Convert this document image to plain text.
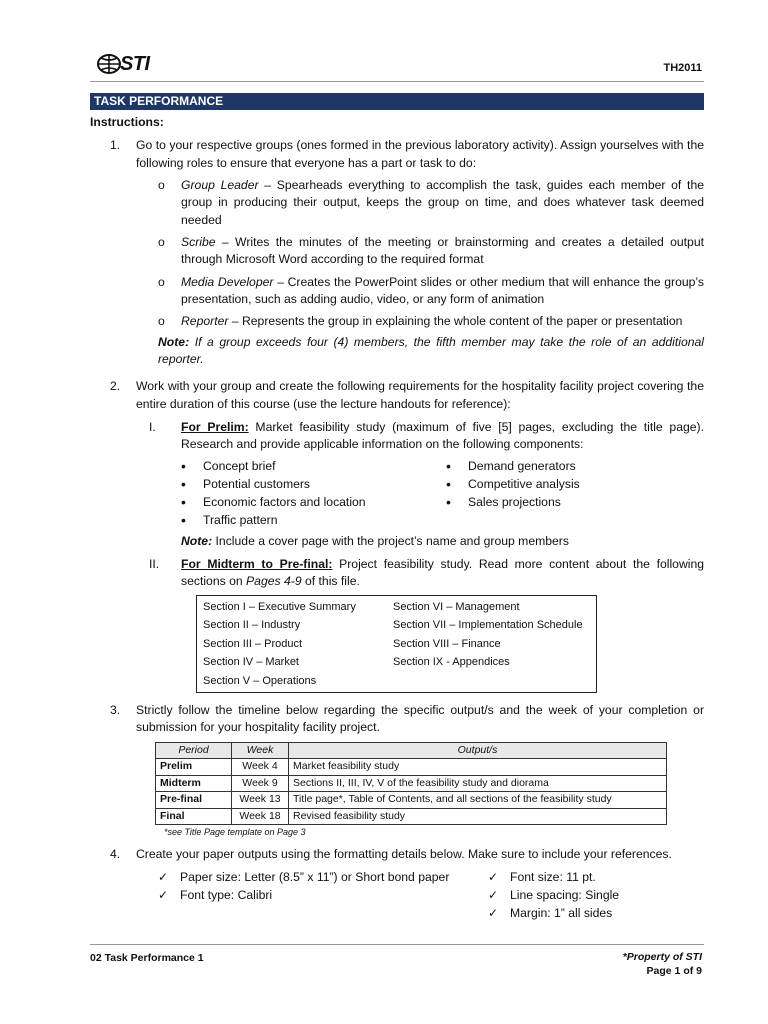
STI	TH2011
TASK PERFORMANCE
Instructions:
1. Go to your respective groups (ones formed in the previous laboratory activity). Assign yourselves with the following roles to ensure that everyone has a part or task to do:
o Group Leader – Spearheads everything to accomplish the task, guides each member of the group in producing their output, keeps the group on time, and does whatever task deemed needed
o Scribe – Writes the minutes of the meeting or brainstorming and creates a detailed output through Microsoft Word according to the required format
o Media Developer – Creates the PowerPoint slides or other medium that will enhance the group’s presentation, such as adding audio, video, or any form of animation
o Reporter – Represents the group in explaining the whole content of the paper or presentation
Note: If a group exceeds four (4) members, the fifth member may take the role of an additional reporter.
2. Work with your group and create the following requirements for the hospitality facility project covering the entire duration of this course (use the lecture handouts for reference):
I. For Prelim: Market feasibility study (maximum of five [5] pages, excluding the title page). Research and provide applicable information on the following components:
• Concept brief	• Demand generators
• Potential customers	• Competitive analysis
• Economic factors and location	• Sales projections
• Traffic pattern
Note: Include a cover page with the project’s name and group members
II. For Midterm to Pre-final: Project feasibility study. Read more content about the following sections on Pages 4-9 of this file.
Section I – Executive Summary	Section VI – Management
Section II – Industry	Section VII – Implementation Schedule
Section III – Product	Section VIII – Finance
Section IV – Market	Section IX - Appendices
Section V – Operations
3. Strictly follow the timeline below regarding the specific output/s and the week of your completion or submission for your hospitality facility project.
Period	Week	Output/s
Prelim	Week 4	Market feasibility study
Midterm	Week 9	Sections II, III, IV, V of the feasibility study and diorama
Pre-final	Week 13	Title page*, Table of Contents, and all sections of the feasibility study
Final	Week 18	Revised feasibility study
*see Title Page template on Page 3
4. Create your paper outputs using the formatting details below. Make sure to include your references.
✓ Paper size: Letter (8.5” x 11”) or Short bond paper
✓ Font type: Calibri
✓ Font size: 11 pt.
✓ Line spacing: Single
✓ Margin: 1” all sides
02 Task Performance 1	*Property of STI
Page 1 of 9
